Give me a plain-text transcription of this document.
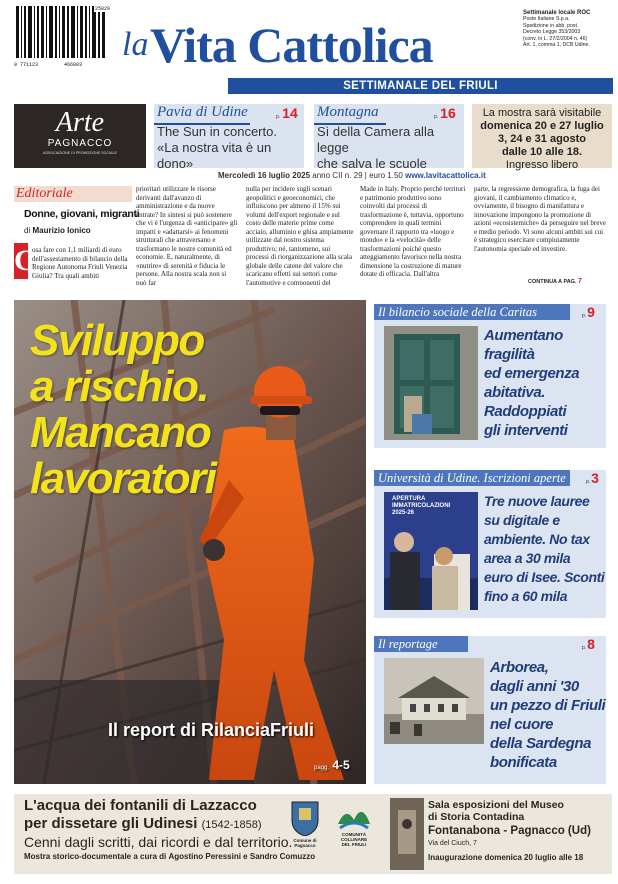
25029
9 771123	466003
la Vita Cattolica
Settimanale locale ROC
Poste Italiane S.p.a.
Spedizione in abb. post.
Decreto Legge 353/2003
(conv. in L. 27/2/2004 n. 46)
Art. 1, comma 1, DCB Udine.
SETTIMANALE DEL FRIULI
Arte
PAGNACCO
ASSOCIAZIONE DI PROMOZIONE SOCIALE
Pavia di Udine	p. 14
The Sun in concerto.
«La nostra vita è un dono»
Montagna	p. 16
Sì della Camera alla legge
che salva le scuole
La mostra sarà visitabile
domenica 20 e 27 luglio
3, 24 e 31 agosto
dalle 10 alle 18.
Ingresso libero
Mercoledì 16 luglio 2025 anno CII n. 29 | euro 1.50 www.lavitacattolica.it
Editoriale
Donne, giovani, migranti
di Maurizio Ionico
C
osa fare con 1,1 miliardi di euro dell'assestamento di bilancio della Regione Autonoma Friuli Venezia Giulia? Tra quali ambiti
prioritari utilizzare le risorse derivanti dall'avanzo di amministrazione e da nuove entrate? In sintesi si può sostenere che vi è l'urgenza di «anticipare» gli impatti e «adattarsi» ai fenomeni strutturali che attraversano e trasformano le nostre comunità ed economie. E, naturalmente, di «nutrire» di serenità e fiducia le persone. Alla nostra scala non si può far
nulla per incidere sugli scenari geopolitici e geoeconomici, che influiscono per almeno il 15% sui volumi dell'export regionale e sul costo delle materie prime come acciaio, alluminio e ghisa ampiamente utilizzate dal nostro sistema produttivo; né, tantomeno, sui processi di riorganizzazione alla scala globale delle catene del valore che scaricano effetti sui settori come l'automotive e componenti del
Made in Italy. Proprio perché territori e patrimonio produttivo sono coinvolti dai processi di trasformazione è, tuttavia, opportuno comprendere in quali termini governare il rapporto tra «luogo e mondo» e la «velocità» delle trasformazioni poiché questo atteggiamento favorisce nella nostra dimensione la costruzione di mature dotate di efficacia. Dall'altra
parte, la regressione demografica, la fuga dei giovani, il cambiamento climatico e, ovviamente, il bisogno di manifattura e innovazione impongono la promozione di azioni «ecosistemiche» da perseguire nel breve e medio periodo. Vi sono alcuni ambiti sui cui è strategico esercitare compiutamente l'autonomia speciale ed investire.
CONTINUA A PAG. 7
Sviluppo
a rischio.
Mancano
lavoratori
Il report di RilanciaFriuli
pagg. 4-5
Il bilancio sociale della Caritas	p.9
Aumentano
fragilità
ed emergenza
abitativa.
Raddoppiati
gli interventi
Università di Udine. Iscrizioni aperte	p.3
APERTURA
IMMATRICOLAZIONI
2025-26
Tre nuove lauree
su digitale e
ambiente. No tax
area a 30 mila
euro di Isee. Sconti
fino a 60 mila
Il reportage	p.8
Arborea,
dagli anni '30
un pezzo di Friuli
nel cuore
della Sardegna
bonificata
L'acqua dei fontanili di Lazzacco
per dissetare gli Udinesi (1542-1858)
Cenni dagli scritti, dai ricordi e dal territorio.
Mostra storico-documentale a cura di Agostino Peressini e Sandro Comuzzo
Comune di Pagnacco
COMUNITÀ
COLLINARE
DEL FRIULI
Sala esposizioni del Museo
di Storia Contadina
Fontanabona - Pagnacco (Ud)
Via del Ciuch, 7
Inaugurazione domenica 20 luglio alle 18
